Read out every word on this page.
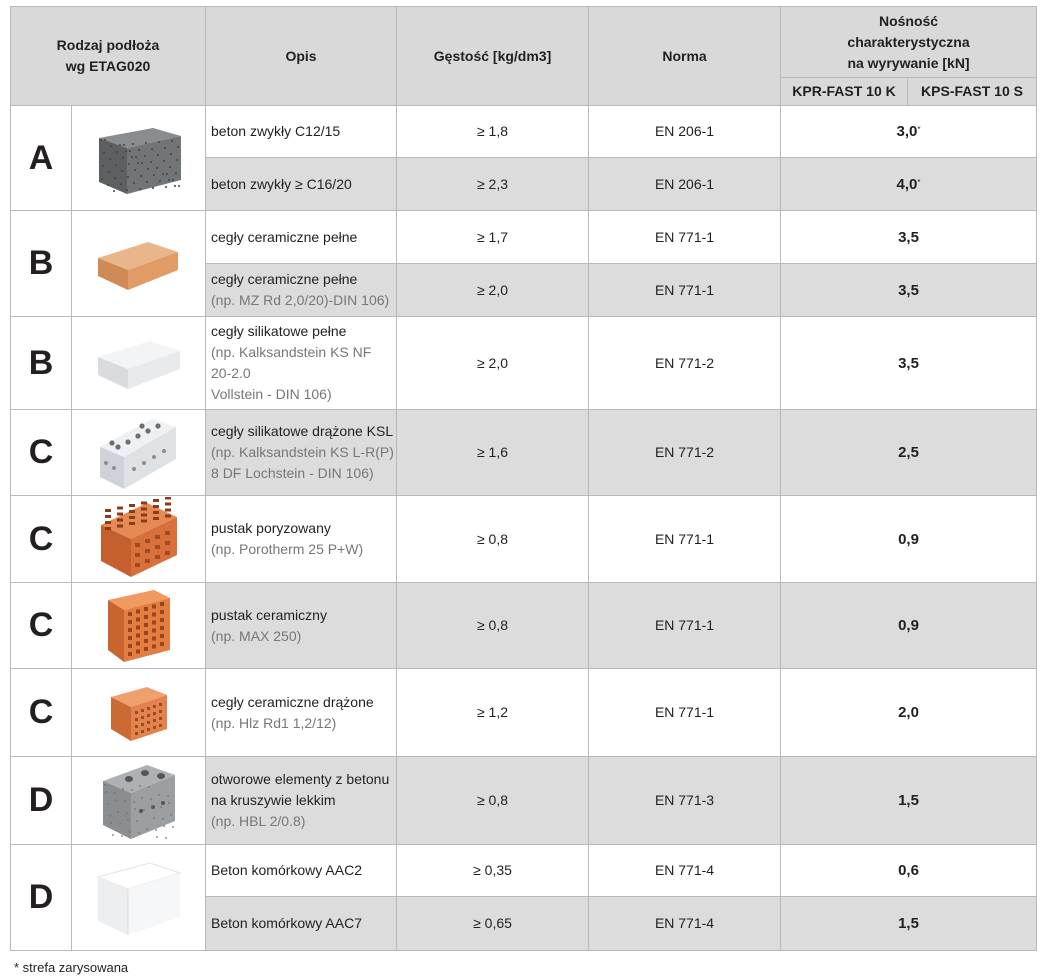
Rodzaj podłoża
wg ETAG020		Opis	Gęstość [kg/dm3]	Norma	Nośność
charakterystyczna
na wyrywanie [kN]	
					KPR-FAST 10 K	KPS-FAST 10 S
A		beton zwykły C12/15	≥ 1,8	EN 206-1	3,0*

		beton zwykły ≥ C16/20	≥ 2,3	EN 206-1	4,0*
B		cegły ceramiczne pełne	≥ 1,7	EN 771-1	3,5	

		cegły ceramiczne pełne
(np. MZ Rd 2,0/20)-DIN 106)	≥ 2,0	EN 771-1	3,5	
B		cegły silikatowe pełne
(np. Kalksandstein KS NF
20-2.0
Vollstein - DIN 106)	≥ 2,0	EN 771-2	3,5	
C		cegły silikatowe drążone KSL
(np. Kalksandstein KS L-R(P)
8 DF Lochstein - DIN 106)	≥ 1,6	EN 771-2	2,5	
C		pustak poryzowany
(np. Porotherm 25 P+W)	≥ 0,8	EN 771-1	0,9	
C		pustak ceramiczny
(np. MAX 250)	≥ 0,8	EN 771-1	0,9	
C		cegły ceramiczne drążone
(np. Hlz Rd1 1,2/12)	≥ 1,2	EN 771-1	2,0	
D		otworowe elementy z betonu
na kruszywie lekkim
(np. HBL 2/0.8)	≥ 0,8	EN 771-3	1,5	
D		Beton komórkowy AAC2	≥ 0,35	EN 771-4	0,6	

		Beton komórkowy AAC7	≥ 0,65	EN 771-4	1,5	
* strefa zarysowana
